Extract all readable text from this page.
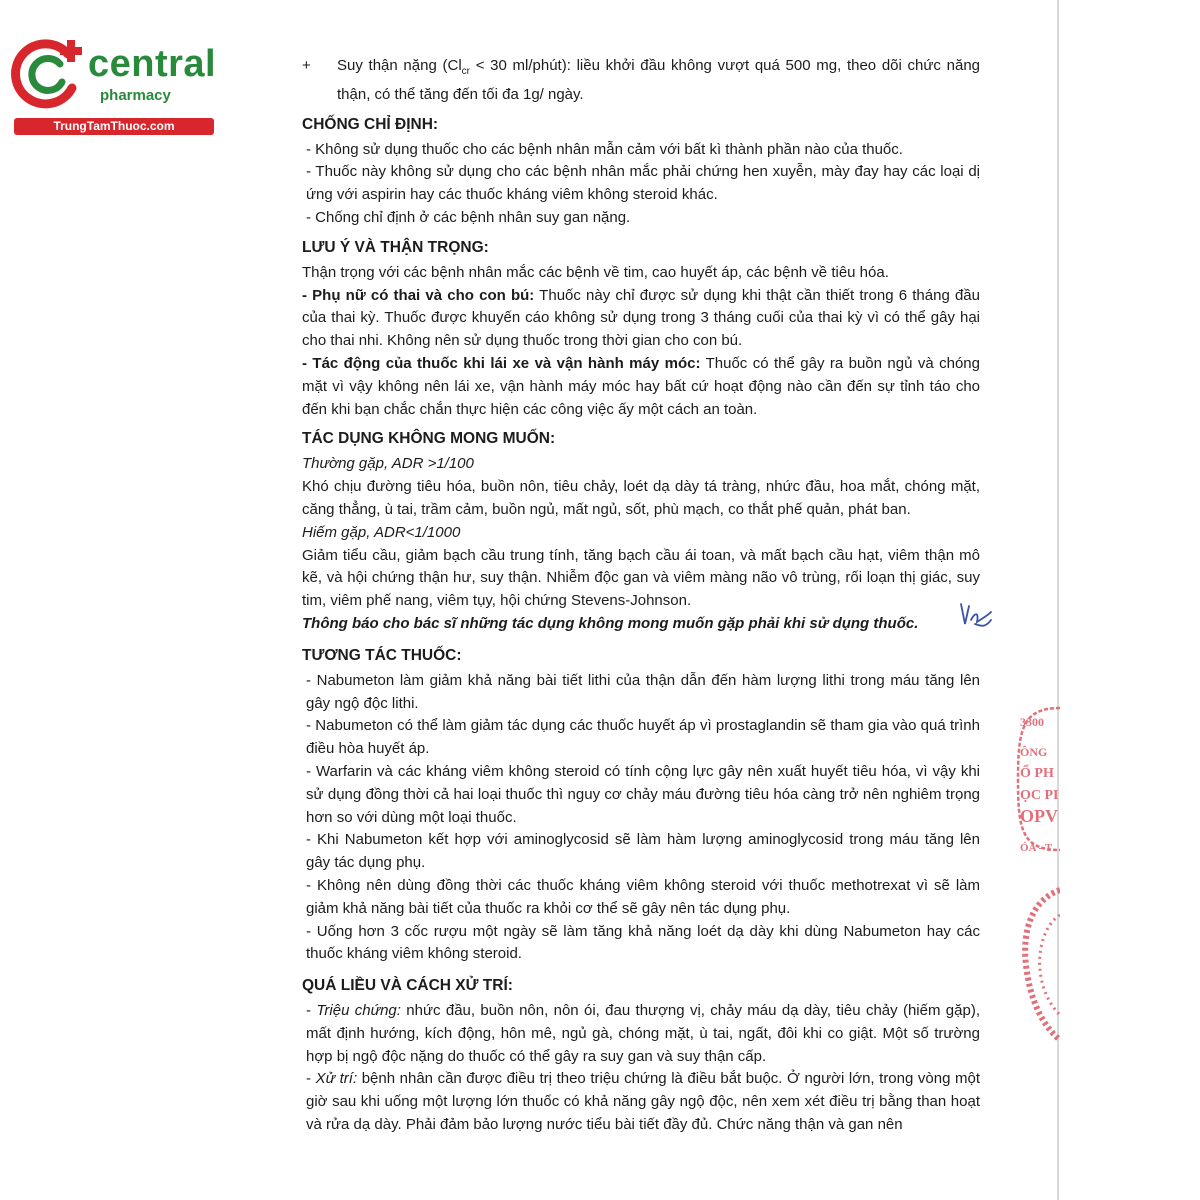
central
pharmacy
TrungTamThuoc.com
+	Suy thận nặng ($Cl_{cr} < 30$ ml/phút): liều khởi đầu không vượt quá 500 mg, theo dõi chức năng thận, có thể tăng đến tối đa 1g/ ngày.
CHỐNG CHỈ ĐỊNH:

- Không sử dụng thuốc cho các bệnh nhân mẫn cảm với bất kì thành phần nào của thuốc.

- Thuốc này không sử dụng cho các bệnh nhân mắc phải chứng hen xuyễn, mày đay hay các loại dị ứng với aspirin hay các thuốc kháng viêm không steroid khác.

- Chống chỉ định ở các bệnh nhân suy gan nặng.

LƯU Ý VÀ THẬN TRỌNG:

Thận trọng với các bệnh nhân mắc các bệnh về tim, cao huyết áp, các bệnh về tiêu hóa.

- Phụ nữ có thai và cho con bú: Thuốc này chỉ được sử dụng khi thật cần thiết trong 6 tháng đầu của thai kỳ. Thuốc được khuyến cáo không sử dụng trong 3 tháng cuối của thai kỳ vì có thể gây hại cho thai nhi. Không nên sử dụng thuốc trong thời gian cho con bú.

- Tác động của thuốc khi lái xe và vận hành máy móc: Thuốc có thể gây ra buồn ngủ và chóng mặt vì vậy không nên lái xe, vận hành máy móc hay bất cứ hoạt động nào cần đến sự tỉnh táo cho đến khi bạn chắc chắn thực hiện các công việc ấy một cách an toàn.

TÁC DỤNG KHÔNG MONG MUỐN:

Thường gặp, ADR >1/100

Khó chịu đường tiêu hóa, buồn nôn, tiêu chảy, loét dạ dày tá tràng, nhức đầu, hoa mắt, chóng mặt, căng thẳng, ù tai, trầm cảm, buồn ngủ, mất ngủ, sốt, phù mạch, co thắt phế quản, phát ban.

Hiếm gặp, ADR<1/1000

Giảm tiểu cầu, giảm bạch cầu trung tính, tăng bạch cầu ái toan, và mất bạch cầu hạt, viêm thận mô kẽ, và hội chứng thận hư, suy thận. Nhiễm độc gan và viêm màng não vô trùng, rối loạn thị giác, suy tim, viêm phế nang, viêm tụy, hội chứng Stevens-Johnson.

Thông báo cho bác sĩ những tác dụng không mong muốn gặp phải khi sử dụng thuốc.

TƯƠNG TÁC THUỐC:

- Nabumeton làm giảm khả năng bài tiết lithi của thận dẫn đến hàm lượng lithi trong máu tăng lên gây ngộ độc lithi.

- Nabumeton có thể làm giảm tác dụng các thuốc huyết áp vì prostaglandin sẽ tham gia vào quá trình điều hòa huyết áp.

- Warfarin và các kháng viêm không steroid có tính cộng lực gây nên xuất huyết tiêu hóa, vì vậy khi sử dụng đồng thời cả hai loại thuốc thì nguy cơ chảy máu đường tiêu hóa càng trở nên nghiêm trọng hơn so với dùng một loại thuốc.

- Khi Nabumeton kết hợp với aminoglycosid sẽ làm hàm lượng aminoglycosid trong máu tăng lên gây tác dụng phụ.

- Không nên dùng đồng thời các thuốc kháng viêm không steroid với thuốc methotrexat vì sẽ làm giảm khả năng bài tiết của thuốc ra khỏi cơ thể sẽ gây nên tác dụng phụ.

- Uống hơn 3 cốc rượu một ngày sẽ làm tăng khả năng loét dạ dày khi dùng Nabumeton hay các thuốc kháng viêm không steroid.

QUÁ LIỀU VÀ CÁCH XỬ TRÍ:

- Triệu chứng: nhức đầu, buồn nôn, nôn ói, đau thượng vị, chảy máu dạ dày, tiêu chảy (hiếm gặp), mất định hướng, kích động, hôn mê, ngủ gà, chóng mặt, ù tai, ngất, đôi khi co giật. Một số trường hợp bị ngộ độc nặng do thuốc có thể gây ra suy gan và suy thận cấp.

- Xử trí: bệnh nhân cần được điều trị theo triệu chứng là điều bắt buộc. Ở người lớn, trong vòng một giờ sau khi uống một lượng lớn thuốc có khả năng gây ngộ độc, nên xem xét điều trị bằng than hoạt và rửa dạ dày. Phải đảm bảo lượng nước tiểu bài tiết đầy đủ. Chức năng thận và gan nên

3300
ÔNG
Ổ PH
ỌC PI
OPV
ÓA - T
